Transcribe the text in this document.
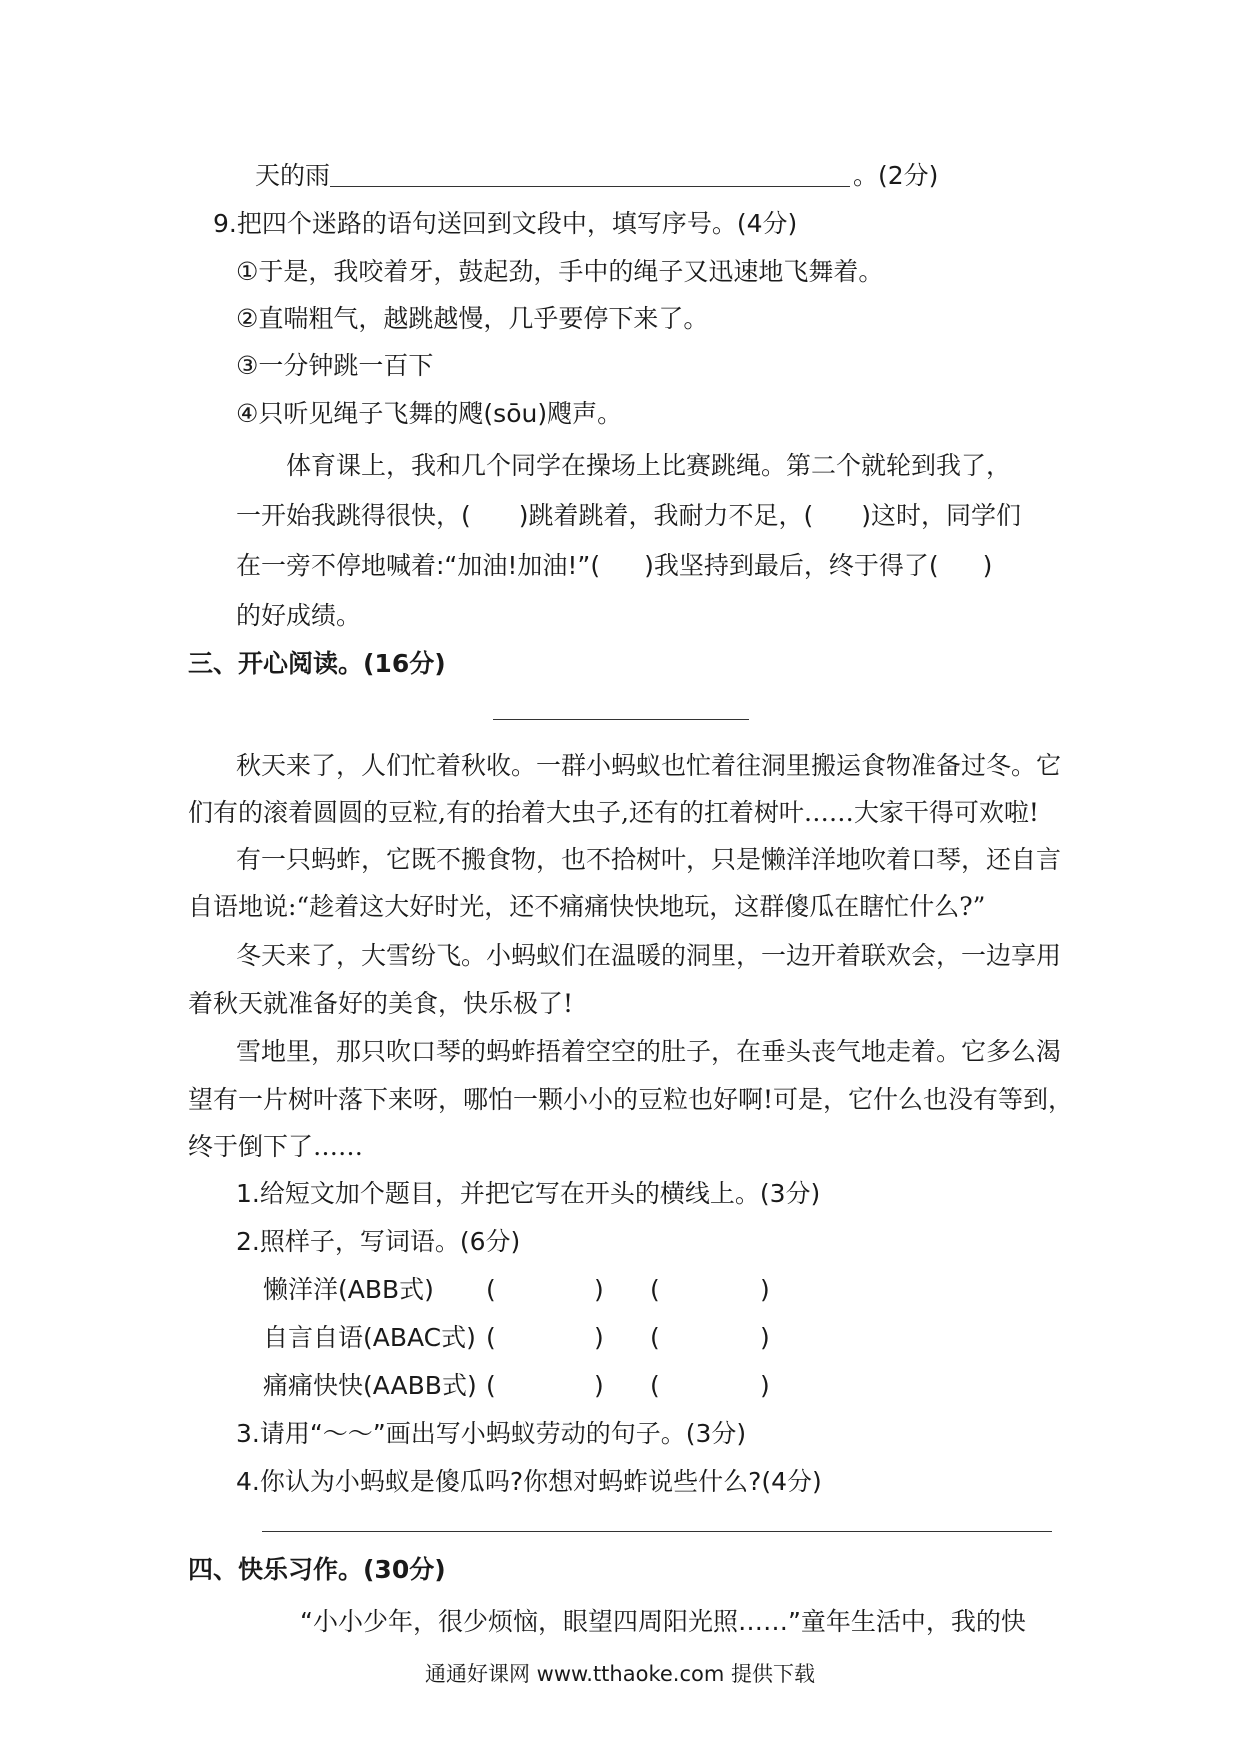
天的雨	。(2分)
9.把四个迷路的语句送回到文段中，填写序号。(4分)
①于是，我咬着牙，鼓起劲，手中的绳子又迅速地飞舞着。
②直喘粗气，越跳越慢，几乎要停下来了。
③一分钟跳一百下
④只听见绳子飞舞的飕(sōu)飕声。
体育课上，我和几个同学在操场上比赛跳绳。第二个就轮到我了，
一开始我跳得很快，( )跳着跳着，我耐力不足，( )这时，同学们
在一旁不停地喊着:“加油!加油!”( )我坚持到最后，终于得了( )
的好成绩。
三、开心阅读。(16分)
秋天来了，人们忙着秋收。一群小蚂蚁也忙着往洞里搬运食物准备过冬。它
们有的滚着圆圆的豆粒,有的抬着大虫子,还有的扛着树叶……大家干得可欢啦!
有一只蚂蚱，它既不搬食物，也不拾树叶，只是懒洋洋地吹着口琴，还自言
自语地说:“趁着这大好时光，还不痛痛快快地玩，这群傻瓜在瞎忙什么?”
冬天来了，大雪纷飞。小蚂蚁们在温暖的洞里，一边开着联欢会，一边享用
着秋天就准备好的美食，快乐极了!
雪地里，那只吹口琴的蚂蚱捂着空空的肚子，在垂头丧气地走着。它多么渴
望有一片树叶落下来呀，哪怕一颗小小的豆粒也好啊!可是，它什么也没有等到，
终于倒下了……
1.给短文加个题目，并把它写在开头的横线上。(3分)
2.照样子，写词语。(6分)
懒洋洋(ABB式) (	) (	)
自言自语(ABAC式) (	) (	)
痛痛快快(AABB式) (	) (	)
3.请用“～～”画出写小蚂蚁劳动的句子。(3分)
4.你认为小蚂蚁是傻瓜吗?你想对蚂蚱说些什么?(4分)
四、快乐习作。(30分)
“小小少年，很少烦恼，眼望四周阳光照……”童年生活中，我的快
通通好课网 www.tthaoke.com 提供下载
